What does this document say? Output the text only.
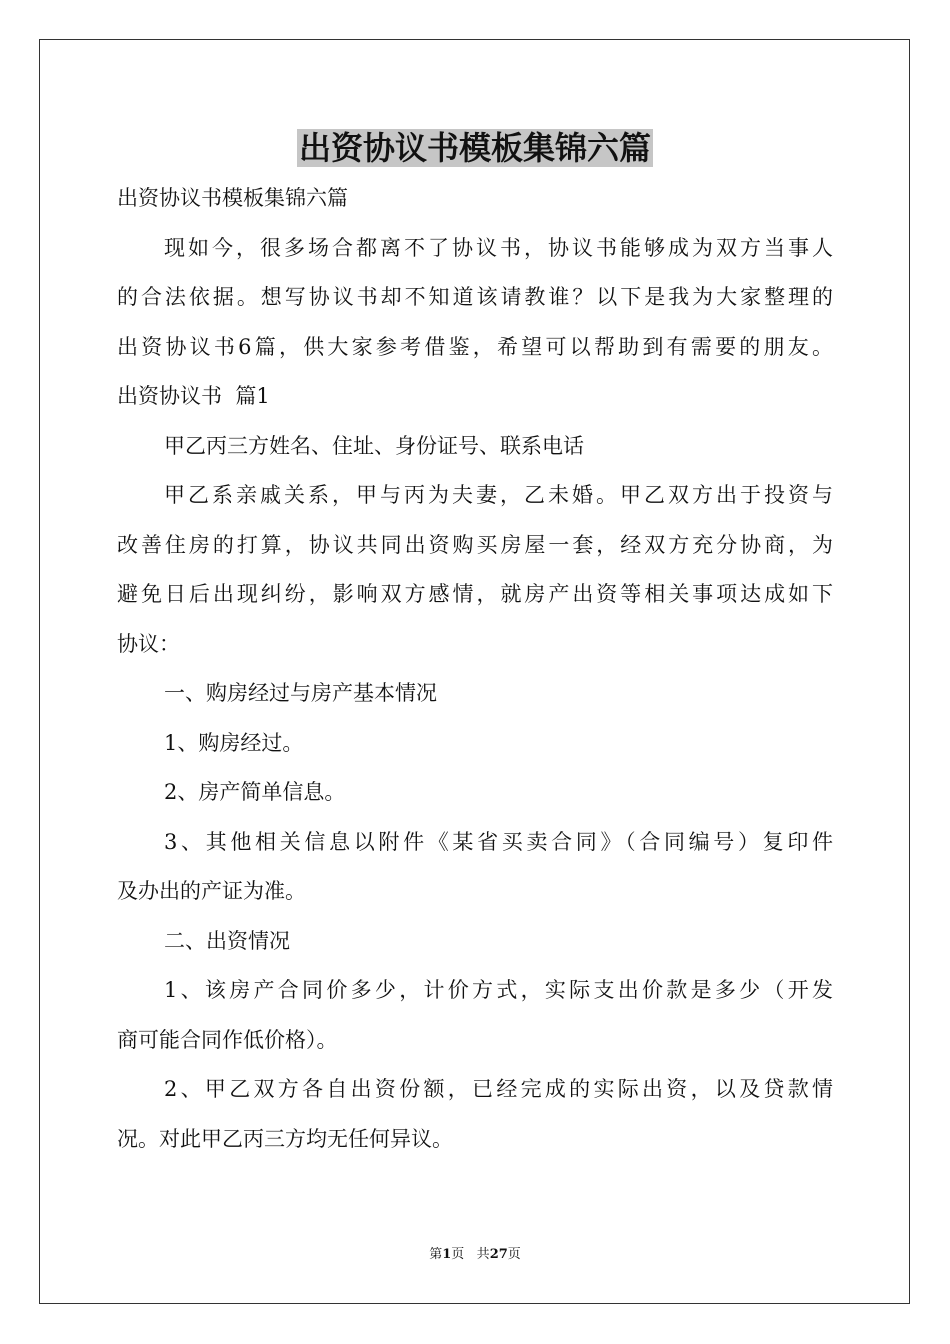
出资协议书模板集锦六篇
出资协议书模板集锦六篇
现如今，很多场合都离不了协议书，协议书能够成为双方当事人
的合法依据。想写协议书却不知道该请教谁？以下是我为大家整理的
出资协议书6篇，供大家参考借鉴，希望可以帮助到有需要的朋友。
出资协议书  篇1
甲乙丙三方姓名、住址、身份证号、联系电话
甲乙系亲戚关系，甲与丙为夫妻，乙未婚。甲乙双方出于投资与
改善住房的打算，协议共同出资购买房屋一套，经双方充分协商，为
避免日后出现纠纷，影响双方感情，就房产出资等相关事项达成如下
协议：
一、购房经过与房产基本情况
1、购房经过。
2、房产简单信息。
3、其他相关信息以附件《某省买卖合同》（合同编号）复印件
及办出的产证为准。
二、出资情况
1、该房产合同价多少，计价方式，实际支出价款是多少（开发
商可能合同作低价格）。
2、甲乙双方各自出资份额，已经完成的实际出资，以及贷款情
况。对此甲乙丙三方均无任何异议。
第1页 共27页
